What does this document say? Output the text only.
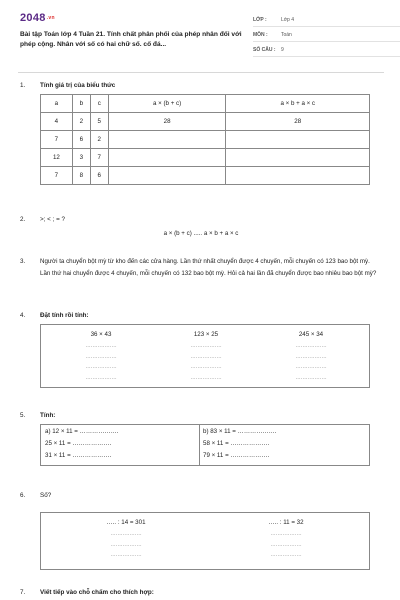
2048.vn
Bài tập Toán lớp 4 Tuần 21. Tính chất phân phối của phép nhân đối với phép cộng. Nhân với số có hai chữ số. cố đá...
LỚP :	Lớp 4
MÔN :	Toán
SỐ CÂU :	9
1. Tính giá trị của biểu thức
a	b	c	a × (b + c)	a × b + a × c
4	2	5	28	28
7	6	2		
12	3	7		
7	8	6		
2. >; < ; = ?
a × (b + c) ..... a × b + a × c
3. Người ta chuyển bột mỳ từ kho đến các cửa hàng. Lần thứ nhất chuyển được 4 chuyến, mỗi chuyến có 123 bao bột mỳ. Lần thứ hai chuyển được 4 chuyến, mỗi chuyến có 132 bao bột mỳ. Hỏi cả hai lần đã chuyển được bao nhiêu bao bột mỳ?
4. Đặt tính rồi tính:
36 × 43
………………
………………
………………
………………
123 × 25
………………
………………
………………
………………
245 × 34
………………
………………
………………
………………
5. Tính:
a) 12 × 11 = ……………….
25 × 11 = ……………….
31 × 11 = ……………….
b) 83 × 11 = ……………….
58 × 11 = ……………….
79 × 11 = ……………….
6. Số?
….. : 14 = 301
………………
………………
………………
….. : 11 = 32
………………
………………
………………
7. Viết tiếp vào chỗ chấm cho thích hợp:
